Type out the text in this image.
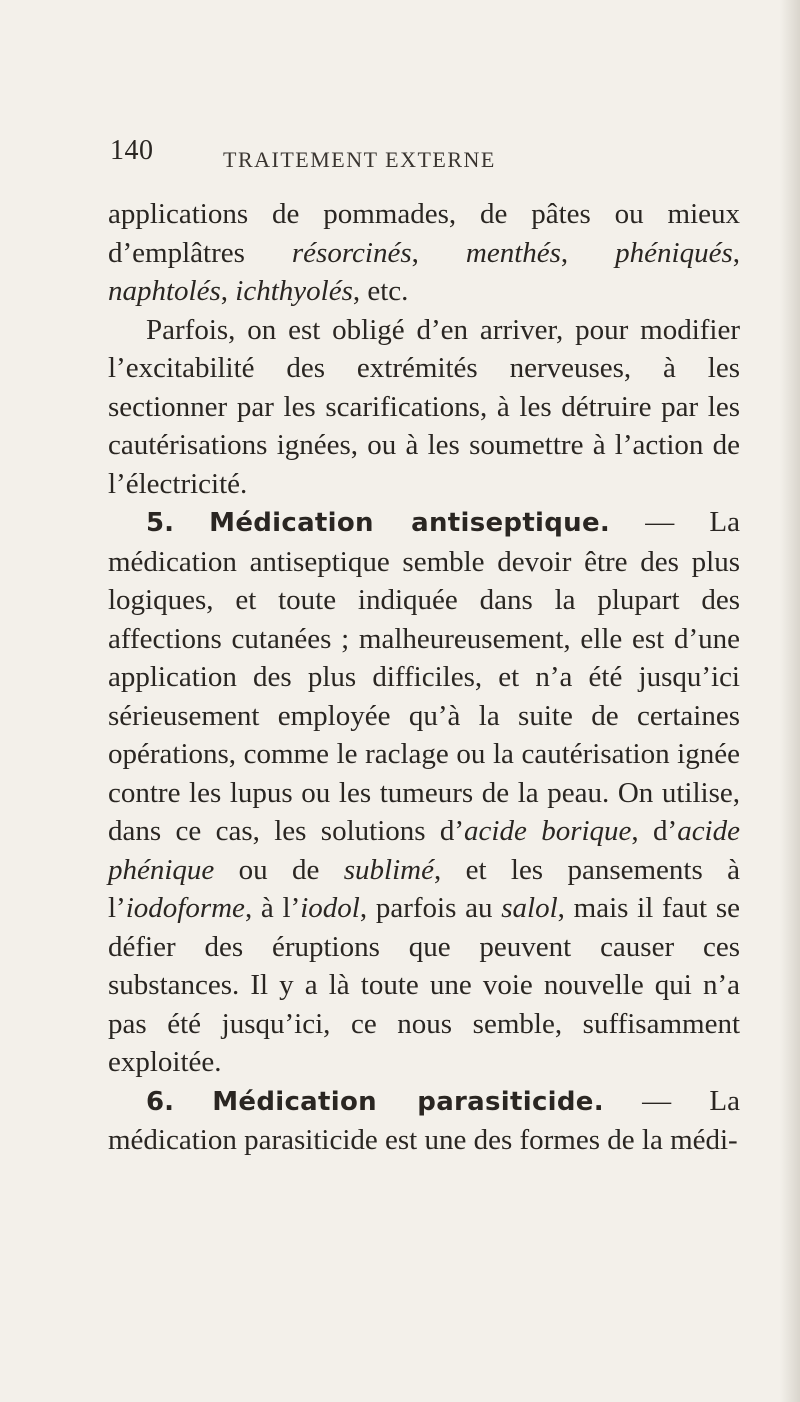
140	TRAITEMENT EXTERNE

applications de pommades, de pâtes ou mieux d’emplâtres résorcinés, menthés, phéniqués, naphtolés, ichthyolés, etc.

Parfois, on est obligé d’en arriver, pour modifier l’excitabilité des extrémités nerveuses, à les sectionner par les scarifications, à les détruire par les cautérisations ignées, ou à les soumettre à l’action de l’électricité.

5. Médication antiseptique. — La médication antiseptique semble devoir être des plus logiques, et toute indiquée dans la plupart des affections cutanées ; malheureusement, elle est d’une application des plus difficiles, et n’a été jusqu’ici sérieusement employée qu’à la suite de certaines opérations, comme le raclage ou la cautérisation ignée contre les lupus ou les tumeurs de la peau. On utilise, dans ce cas, les solutions d’acide borique, d’acide phénique ou de sublimé, et les pansements à l’iodoforme, à l’iodol, parfois au salol, mais il faut se défier des éruptions que peuvent causer ces substances. Il y a là toute une voie nouvelle qui n’a pas été jusqu’ici, ce nous semble, suffisamment exploitée.

6. Médication parasiticide. — La médication parasiticide est une des formes de la médi-
